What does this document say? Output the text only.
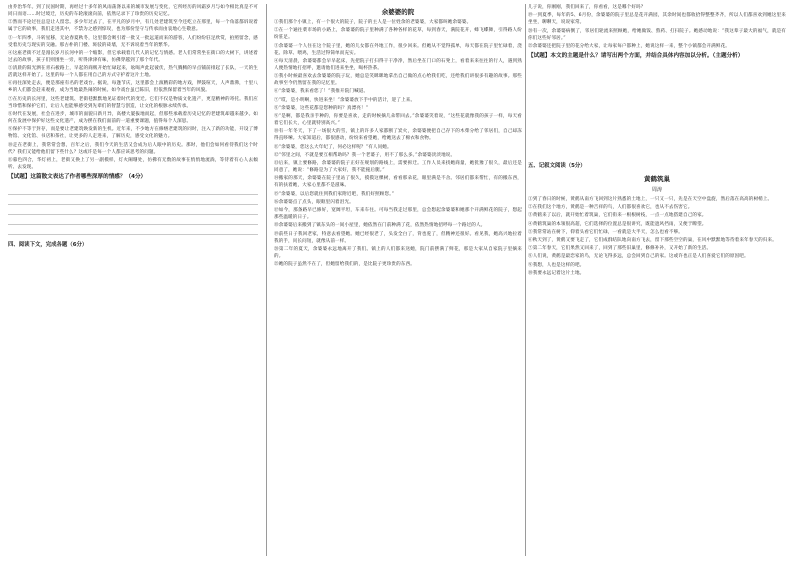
由乔治华年。到了民国时期，再经过十多年的风雨荡涤以来的城市发展与变化，它所经历的风霜岁月与如今相比真是不可同日而语……时过境迁，历史的车轮滚滚向前，依然记录下了珍贵的历史记忆。

②然而不论过往总是让人留恋。多少年过去了，在平凡的岁月中，有几处老建筑至今还屹立在那里，每一个角落都诉说着属于它的故事，我们走进其中，不禁为之感到惊叹，也为那份坚守与传承而由衷地心生敬意。

③一年四季，斗转星移，无论春夏秋冬，这里都会吸引着一批又一批远道而来的游客，人们纷纷驻足欣赏，拍照留念，感受着历史与现实的交融。那古朴的门楼、斑驳的砖墙，无不诉说着当年的繁华。

④这座老街不过是漫长岁月长河中的一个缩影，但它承载着几代人的记忆与情感。老人们常常坐在街口的大树下，讲述着过去的故事，孩子们则围坐一旁，听得津津有味，仿佛穿越到了那个年代。

⑤清晨的阳光洒在青石板路上，早起的商贩开始忙碌起来，吆喝声此起彼伏，热气腾腾的早点铺前排起了长队，一天的生活就这样开始了。这里的每一个人都在用自己的方式守护着这片土地。

⑥再往深处走去，便是那座有名的老戏台。据说，每逢节庆，这里都会上演精彩的地方戏，锣鼓喧天，人声鼎沸，十里八乡的人们都会赶来观看，成为当地最热闹的时候。如今戏台虽已陈旧，但依然保留着当年的风貌。

⑦在历史的长河里，这些老建筑、老街巷默默地见证着时代的变迁。它们不仅是物质文化遗产，更是精神的寄托。我们应当珍惜和保护它们，让后人也能够感受到先辈们的智慧与创造，让文化的根脉永续传承。

⑧时代在发展，社会在进步，城市的面貌日新月异，高楼大厦拔地而起，但那些承载着历史记忆的老建筑却越来越少。如何在发展中保护好这些文化遗产，成为摆在我们面前的一道重要课题，值得每个人深思。

⑨保护不等于封存，而是要让老建筑焕发新的生机。近年来，不少地方在修缮老建筑的同时，注入了新的功能，开设了博物馆、文化馆、书店和茶社，让更多的人走进来，了解历史，感受文化的魅力。

⑩走在老街上，我常常会想，百年之后，我们今天的生活又会成为后人眼中的历史。那时，他们会如何看待我们这个时代？我们又能给他们留下些什么？这或许是每一个人都应该思考的问题。

⑪暮色四合，华灯初上，老街又换上了另一副模样，灯火阑珊处，仿佛有无数的故事在悄悄地流淌，等待着有心人去倾听、去发现。

【试题】这篇散文表达了作者哪些深厚的情感？（4分）
四、阅读下文，完成各题（6分）
余婆婆的院

①我们那个小镇上，有一个很大的院子，院子的主人是一位姓余的老婆婆，大家都叫她余婆婆。

②在一个通往菜市场的小路上，余婆婆的院子里种满了各种各样的花草，每到春天，满院花开，蜂飞蝶舞，引得路人纷纷驻足。

③余婆婆一个人住在这个院子里，她的儿女都在外地工作，很少回来。但她从不觉得孤单，每天都在院子里忙碌着，浇花、除草、喂鸡，生活过得简单而充实。

④每天清晨，余婆婆都会早早起床，先把院子打扫得干干净净，然后坐在门口的石凳上，看着来来往往的行人，遇到熟人便热情地打招呼，邀请他们进来坐坐，喝杯热茶。

⑤我小时候最喜欢去余婆婆的院子玩，她总是笑眯眯地拿出自己做的点心给我们吃，还给我们讲很多有趣的故事。那些故事至今仍然留在我的记忆里。

⑥“余婆婆，我来看您了！”我推开院门喊道。

⑦“哎，是小明啊，快进来坐！”余婆婆放下手中的活计，迎了上来。

⑧“余婆婆，这些花都是您种的吗？真漂亮！”

⑨“是啊，都是我亲手种的，你要是喜欢，走的时候摘几朵带回去。”余婆婆笑着说，“这些花就像我的孩子一样，每天看着它们长大，心里就特别高兴。”

⑩有一年冬天，下了一场很大的雪，镇上的许多人家都断了炭火，余婆婆便把自己存下的木柴分给了邻居们，自己却冻得直哆嗦。大家知道后，都很感动，纷纷来看望她，给她送去了棉衣和食物。

⑪“余婆婆，您这么大年纪了，何必这样呢？”有人问她。

⑫“邻里之间，不就是要互相帮助吗？我一个老婆子，用不了那么多。”余婆婆淡淡地说。

⑬后来，镇上要修路，余婆婆的院子正好在规划的路线上，需要拆迁。工作人员来找她商量，她犹豫了很久，最后还是同意了，她说：“修路是为了大家好，我不能拖后腿。”

⑭搬家的那天，余婆婆在院子里站了很久，摸摸这棵树，看看那朵花，眼里满是不舍。邻居们都来帮忙，有的搬东西，有的扶着她，大家心里都不是滋味。

⑮“余婆婆，以后您就住到我们家附近吧，我们好照顾您。”

⑯余婆婆点了点头，眼眶里闪着泪光。

⑰如今，那条路早已修好，宽阔平坦，车来车往。可每当我走过那里，总会想起余婆婆和她那个开满鲜花的院子，想起那些温暖的日子。

⑱余婆婆后来搬到了镇东头的一间小屋里，她依然在门前种满了花，依然热情地招呼每一个路过的人。

⑲前些日子我回老家，特意去看望她。她已经很老了，头发全白了，背也驼了，但精神还很好。看见我，她高兴地拉着我的手，问长问短，就像从前一样。

⑳第二年的夏天，余婆婆永远地离开了我们。镇上的人们都来送她，院门前摆满了鲜花，那是大家从自家院子里摘来的。

㉑她的院子虽然不在了，但她留给我们的，是比院子更珍贵的东西。

儿子说，你刚刚，我们回来了，你看看，这是哪个好吗？

⑲一到夏季，每年的5、6月份，余婆婆的院子里总是花开满园，其余时间也都收拾得整整齐齐，所以人们都喜欢到她这里来坐坐，聊聊天，说说家常。

⑳有一次，余婆婆病倒了，邻居们轮流来照顾她，给她做饭、熬药、打扫院子。她感动地说：“我这辈子最大的福气，就是有你们这些好邻居。”

㉑余婆婆还把院子里的花分给大家，让每家每户都种上，她说这样一来，整个小镇都会开满鲜花。

【试题】本文的主题是什么？请写出两个方面，并结合具体内容加以分析。（主题分析）
五、记叙文阅读（5分）
黄鹤筑巢
周涛

①到了春日的时候，黄鹤从南方飞回到这片熟悉的土地上，一只又一只，先是在天空中盘旋，然后落在高高的树梢上。

②在我们这个地方，黄鹤是一种吉祥的鸟，人们都很喜欢它，也从不去伤害它。

③黄鹤来了以后，就开始忙着筑巢，它们衔来一根根树枝，一点一点地搭建自己的家。

④黄鹤筑巢的本领很高超，它们选择的位置总是很讲究，既能遮风挡雨，又便于瞭望。

⑤我常常站在树下，仰着头看它们忙碌，一看就是大半天，怎么也看不够。

⑥秋天到了，黄鹤又要飞走了，它们成群结队地向南方飞去，留下那些空空的巢，在风中默默地等待着来年春天的归来。

⑦第二年春天，它们果然又回来了，回到了那些旧巢里，修修补补，又开始了新的生活。

⑧人们说，黄鹤是最恋家的鸟，无论飞得多远，总会回到自己的家。这或许也正是人们喜爱它们的原因吧。

⑨我想，人也是这样的吧。

⑩我要永远记着这片土地。
